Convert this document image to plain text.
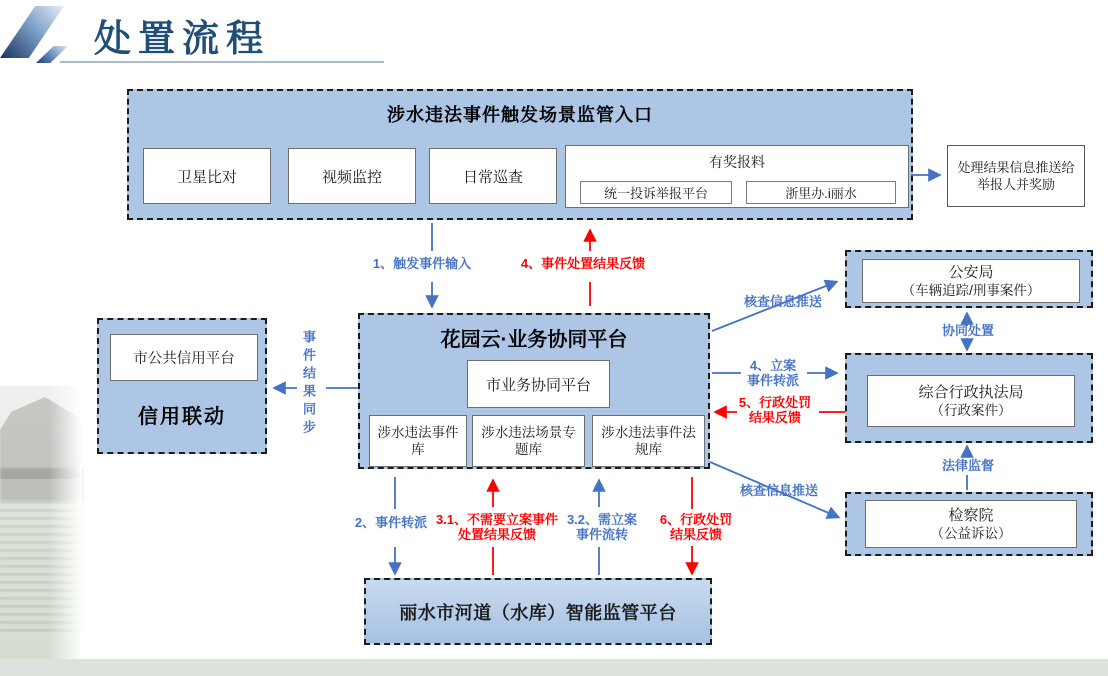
处置流程
涉水违法事件触发场景监管入口
卫星比对	视频监控	日常巡查
有奖报料
统一投诉举报平台	浙里办.i丽水
处理结果信息推送给
举报人并奖励
花园云·业务协同平台
市业务协同平台
涉水违法事件库
涉水违法场景专题库
涉水违法事件法规库
市公共信用平台
信用联动
公安局
（车辆追踪/刑事案件）
综合行政执法局
（行政案件）
检察院
（公益诉讼）
丽水市河道（水库）智能监管平台
1、触发事件输入	4、事件处置结果反馈
事件结果同步
核查信息推送
协同处置
4、立案
事件转派
5、行政处罚
结果反馈
法律监督
核查信息推送
2、事件转派 3.1、不需要立案事件
处置结果反馈
3.2、需立案
事件流转
6、行政处罚
结果反馈
